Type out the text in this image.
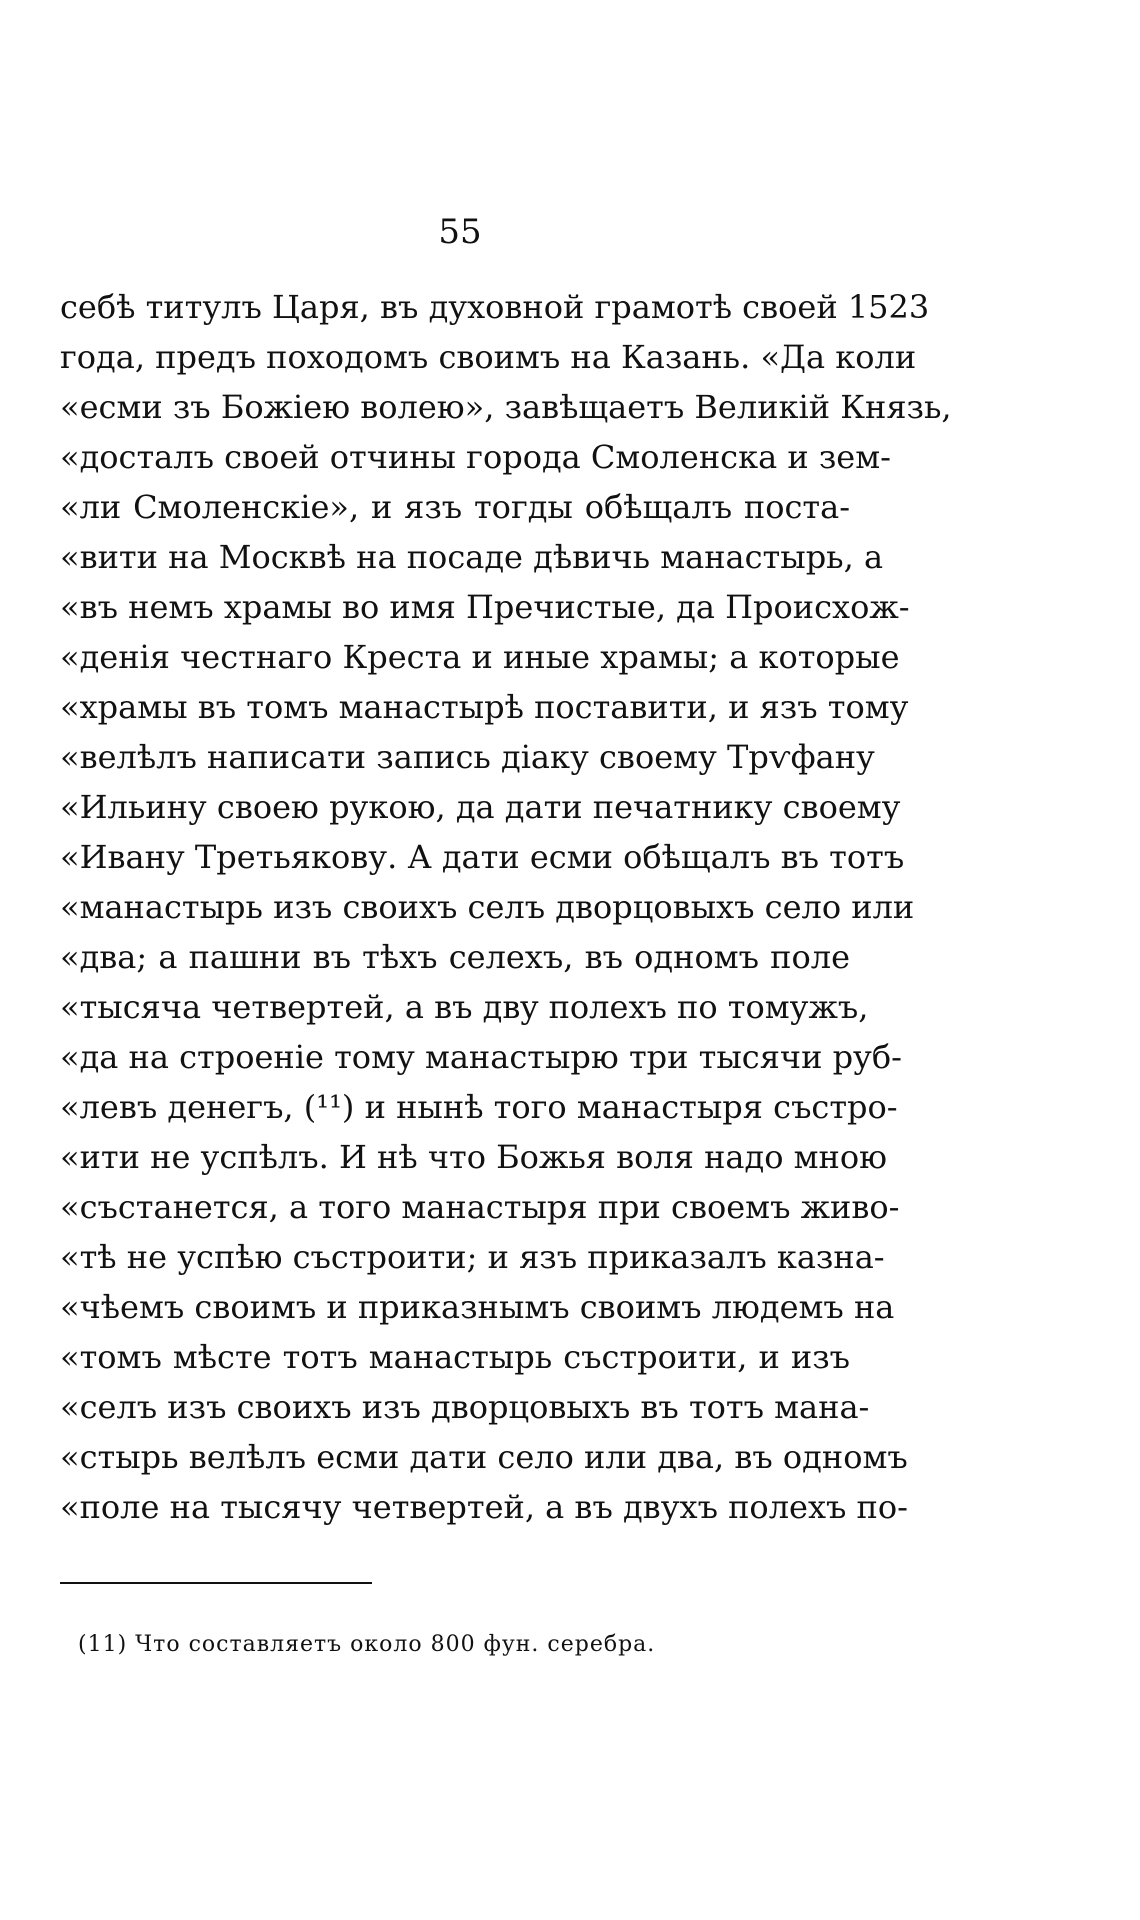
55
себѣ титулъ Царя, въ духовной грамотѣ своей 1523
года, предъ походомъ своимъ на Казань. «Да коли
«есми зъ Божіею волею», завѣщаетъ Великій Князь,
«досталъ своей отчины города Смоленска и зем-
«ли Смоленскіе», и язъ тогды обѣщалъ поста-
«вити на Москвѣ на посаде дѣвичь манастырь, а
«въ немъ храмы во имя Пречистые, да Происхож-
«денія честнаго Креста и иные храмы; а которые
«храмы въ томъ манастырѣ поставити, и язъ тому
«велѣлъ написати запись діаку своему Трѵфану
«Ильину своею рукою, да дати печатнику своему
«Ивану Третьякову. А дати есми обѣщалъ въ тотъ
«манастырь изъ своихъ селъ дворцовыхъ село или
«два; а пашни въ тѣхъ селехъ, въ одномъ поле
«тысяча четвертей, а въ двy полехъ по томужъ,
«да на строеніе тому манастырю три тысячи руб-
«левъ денегъ, (¹¹) и нынѣ того манастыря състро-
«ити не успѣлъ. И нѣ что Божья воля надо мною
«състанется, а того манастыря при своемъ живо-
«тѣ не успѣю състроити; и язъ приказалъ казна-
«чѣемъ своимъ и приказнымъ своимъ людемъ на
«томъ мѣсте тотъ манастырь състроити, и изъ
«селъ изъ своихъ изъ дворцовыхъ въ тотъ мана-
«стырь велѣлъ есми дати село или два, въ одномъ
«поле на тысячу четвертей, а въ двухъ полехъ по-
(11) Что составляетъ около 800 фун. серебра.
